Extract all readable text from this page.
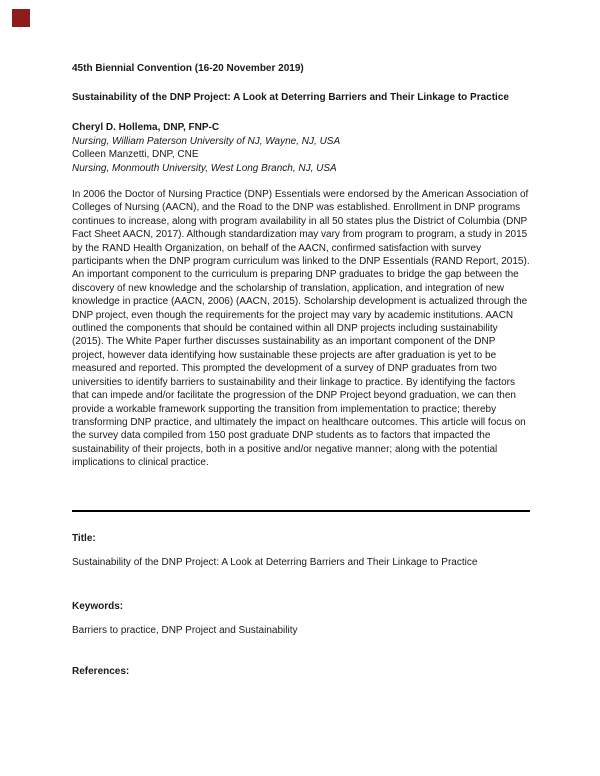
45th Biennial Convention (16-20 November 2019)

Sustainability of the DNP Project: A Look at Deterring Barriers and Their Linkage to Practice

Cheryl D. Hollema, DNP, FNP-C
Nursing, William Paterson University of NJ, Wayne, NJ, USA
Colleen Manzetti, DNP, CNE
Nursing, Monmouth University, West Long Branch, NJ, USA

In 2006 the Doctor of Nursing Practice (DNP) Essentials were endorsed by the American Association of Colleges of Nursing (AACN), and the Road to the DNP was established. Enrollment in DNP programs continues to increase, along with program availability in all 50 states plus the District of Columbia (DNP Fact Sheet AACN, 2017). Although standardization may vary from program to program, a study in 2015 by the RAND Health Organization, on behalf of the AACN, confirmed satisfaction with survey participants when the DNP program curriculum was linked to the DNP Essentials (RAND Report, 2015). An important component to the curriculum is preparing DNP graduates to bridge the gap between the discovery of new knowledge and the scholarship of translation, application, and integration of new knowledge in practice (AACN, 2006) (AACN, 2015). Scholarship development is actualized through the DNP project, even though the requirements for the project may vary by academic institutions. AACN outlined the components that should be contained within all DNP projects including sustainability (2015). The White Paper further discusses sustainability as an important component of the DNP project, however data identifying how sustainable these projects are after graduation is yet to be measured and reported. This prompted the development of a survey of DNP graduates from two universities to identify barriers to sustainability and their linkage to practice. By identifying the factors that can impede and/or facilitate the progression of the DNP Project beyond graduation, we can then provide a workable framework supporting the transition from implementation to practice; thereby transforming DNP practice, and ultimately the impact on healthcare outcomes. This article will focus on the survey data compiled from 150 post graduate DNP students as to factors that impacted the sustainability of their projects, both in a positive and/or negative manner; along with the potential implications to clinical practice.

Title:

Sustainability of the DNP Project: A Look at Deterring Barriers and Their Linkage to Practice

Keywords:

Barriers to practice, DNP Project and Sustainability

References:
